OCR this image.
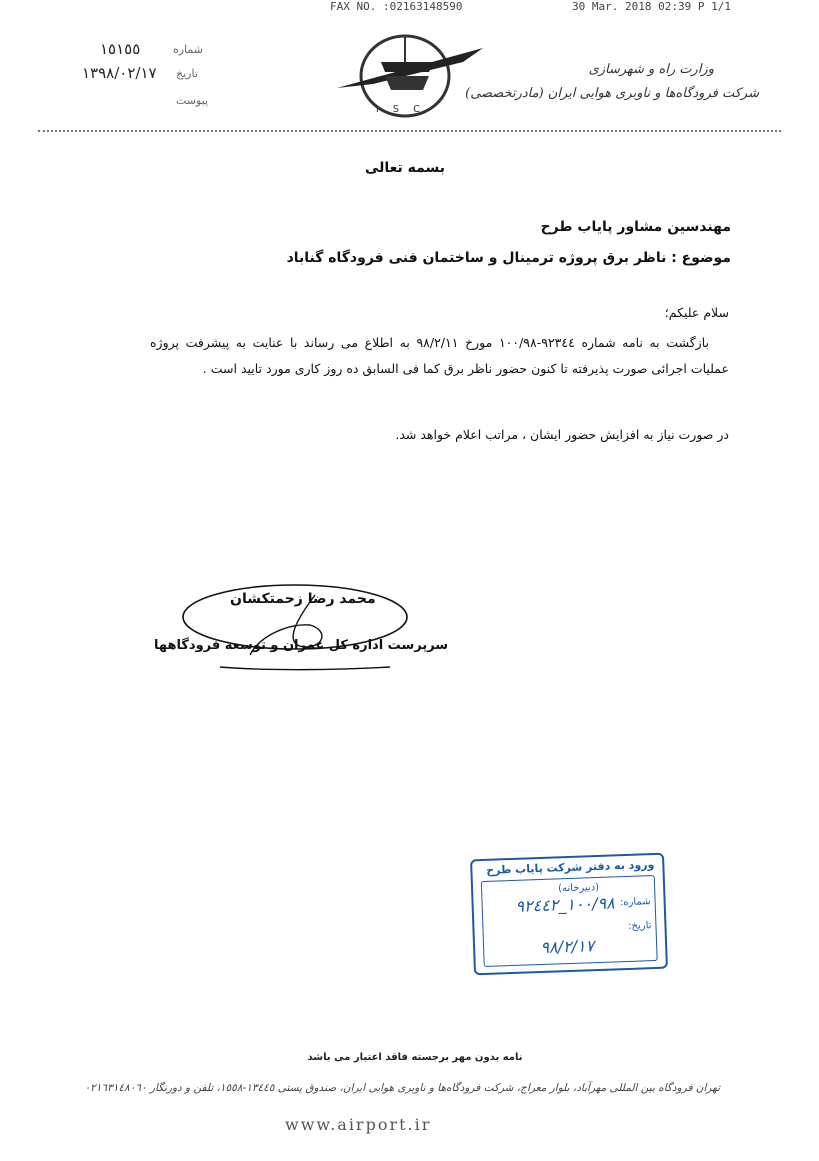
FAX NO. :02163148590	30 Mar. 2018 02:39 P 1/1
١٥١٥٥	شماره
١٣٩٨/٠٢/١٧ تاریخ
پیوست
ISC
وزارت راه و شهرسازی
شرکت فرودگاه‌ها و ناوبری هوایی ایران (مادرتخصصی)
بسمه تعالی
مهندسین مشاور پایاب طرح
موضوع : ناظر برق پروژه ترمینال و ساختمان فنی فرودگاه گناباد
سلام علیکم؛
بازگشت به نامه شماره ٩٢٣٤٤-١٠٠/٩٨ مورخ ٩٨/٢/١١ به اطلاع می رساند با عنایت به پیشرفت پروژه عملیات اجرائی صورت پذیرفته تا کنون حضور ناظر برق کما فی السابق ده روز کاری مورد تایید است .
در صورت نیاز به افزایش حضور ایشان ، مراتب اعلام خواهد شد.
محمد رضا زحمتکشان
سرپرست اداره کل عمران و توسعه فرودگاهها
ورود به دفتر شرکت پایاب طرح
(دبیرخانه)
شماره:
١٠٠/٩٨_٩٢٤٤٢
تاریخ:
٩٨/٢/١٧
نامه بدون مهر برجسته فاقد اعتبار می باشد
تهران فرودگاه بین المللی مهرآباد، بلوار معراج، شرکت فرودگاه‌ها و ناوبری هوایی ایران، صندوق پستی ١٣٤٤٥-١٥٥٨، تلفن و دورنگار ٠٢١٦٣١٤٨٠٦٠
www.airport.ir
